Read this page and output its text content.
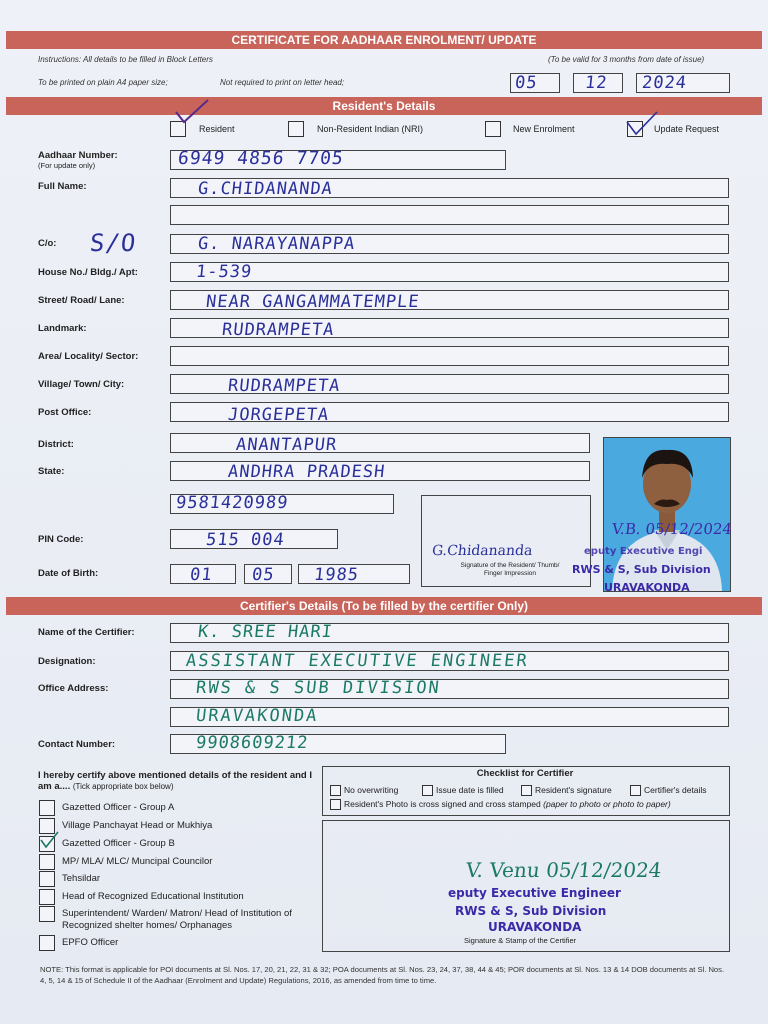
CERTIFICATE FOR AADHAAR ENROLMENT/ UPDATE
Instructions: All details to be filled in Block Letters	(To be valid for 3 months from date of issue)
To be printed on plain A4 paper size;	Not required to print on letter head;	05	12 2024
Resident's Details
Resident	Non-Resident Indian (NRI)	New Enrolment	Update Request
Aadhaar Number:
(For update only)	6949 4856 7705
Full Name:	G.CHIDANANDA
C/o: S/O	G. NARAYANAPPA
House No./ Bldg./ Apt:	1-539
Street/ Road/ Lane:	NEAR GANGAMMATEMPLE
Landmark:	RUDRAMPETA
Area/ Locality/ Sector:
Village/ Town/ City:	RUDRAMPETA
Post Office:	JORGEPETA
District:	ANANTAPUR
State:	ANDHRA PRADESH
9581420989
PIN Code:	515 004
Date of Birth:	01 05 1985
G.Chidananda
Signature of the Resident/ Thumb/ Finger Impression
V.B. 05/12/2024
eputy Executive Engi
RWS & S, Sub Division
URAVAKONDA
Certifier's Details (To be filled by the certifier Only)
Name of the Certifier:	K. SREE HARI
Designation:	ASSISTANT EXECUTIVE ENGINEER
Office Address:	RWS & S SUB DIVISION
URAVAKONDA
Contact Number:	9908609212
I hereby certify above mentioned details of the resident and I am a.... (Tick appropriate box below)
Gazetted Officer - Group A
Village Panchayat Head or Mukhiya
Gazetted Officer - Group B
MP/ MLA/ MLC/ Muncipal Councilor
Tehsildar
Head of Recognized Educational Institution
Superintendent/ Warden/ Matron/ Head of Institution of Recognized shelter homes/ Orphanages
EPFO Officer
Checklist for Certifier
No overwriting	Issue date is filled	Resident's signature	Certifier's details
Resident's Photo is cross signed and cross stamped (paper to photo or photo to paper)
V. Venu 05/12/2024
eputy Executive Engineer
RWS & S, Sub Division
URAVAKONDA
Signature & Stamp of the Certifier
NOTE: This format is applicable for POI documents at Sl. Nos. 17, 20, 21, 22, 31 & 32; POA documents at Sl. Nos. 23, 24, 37, 38, 44 & 45; POR documents at Sl. Nos. 13 & 14 DOB documents at Sl. Nos. 4, 5, 14 & 15 of Schedule II of the Aadhaar (Enrolment and Update) Regulations, 2016, as amended from time to time.
